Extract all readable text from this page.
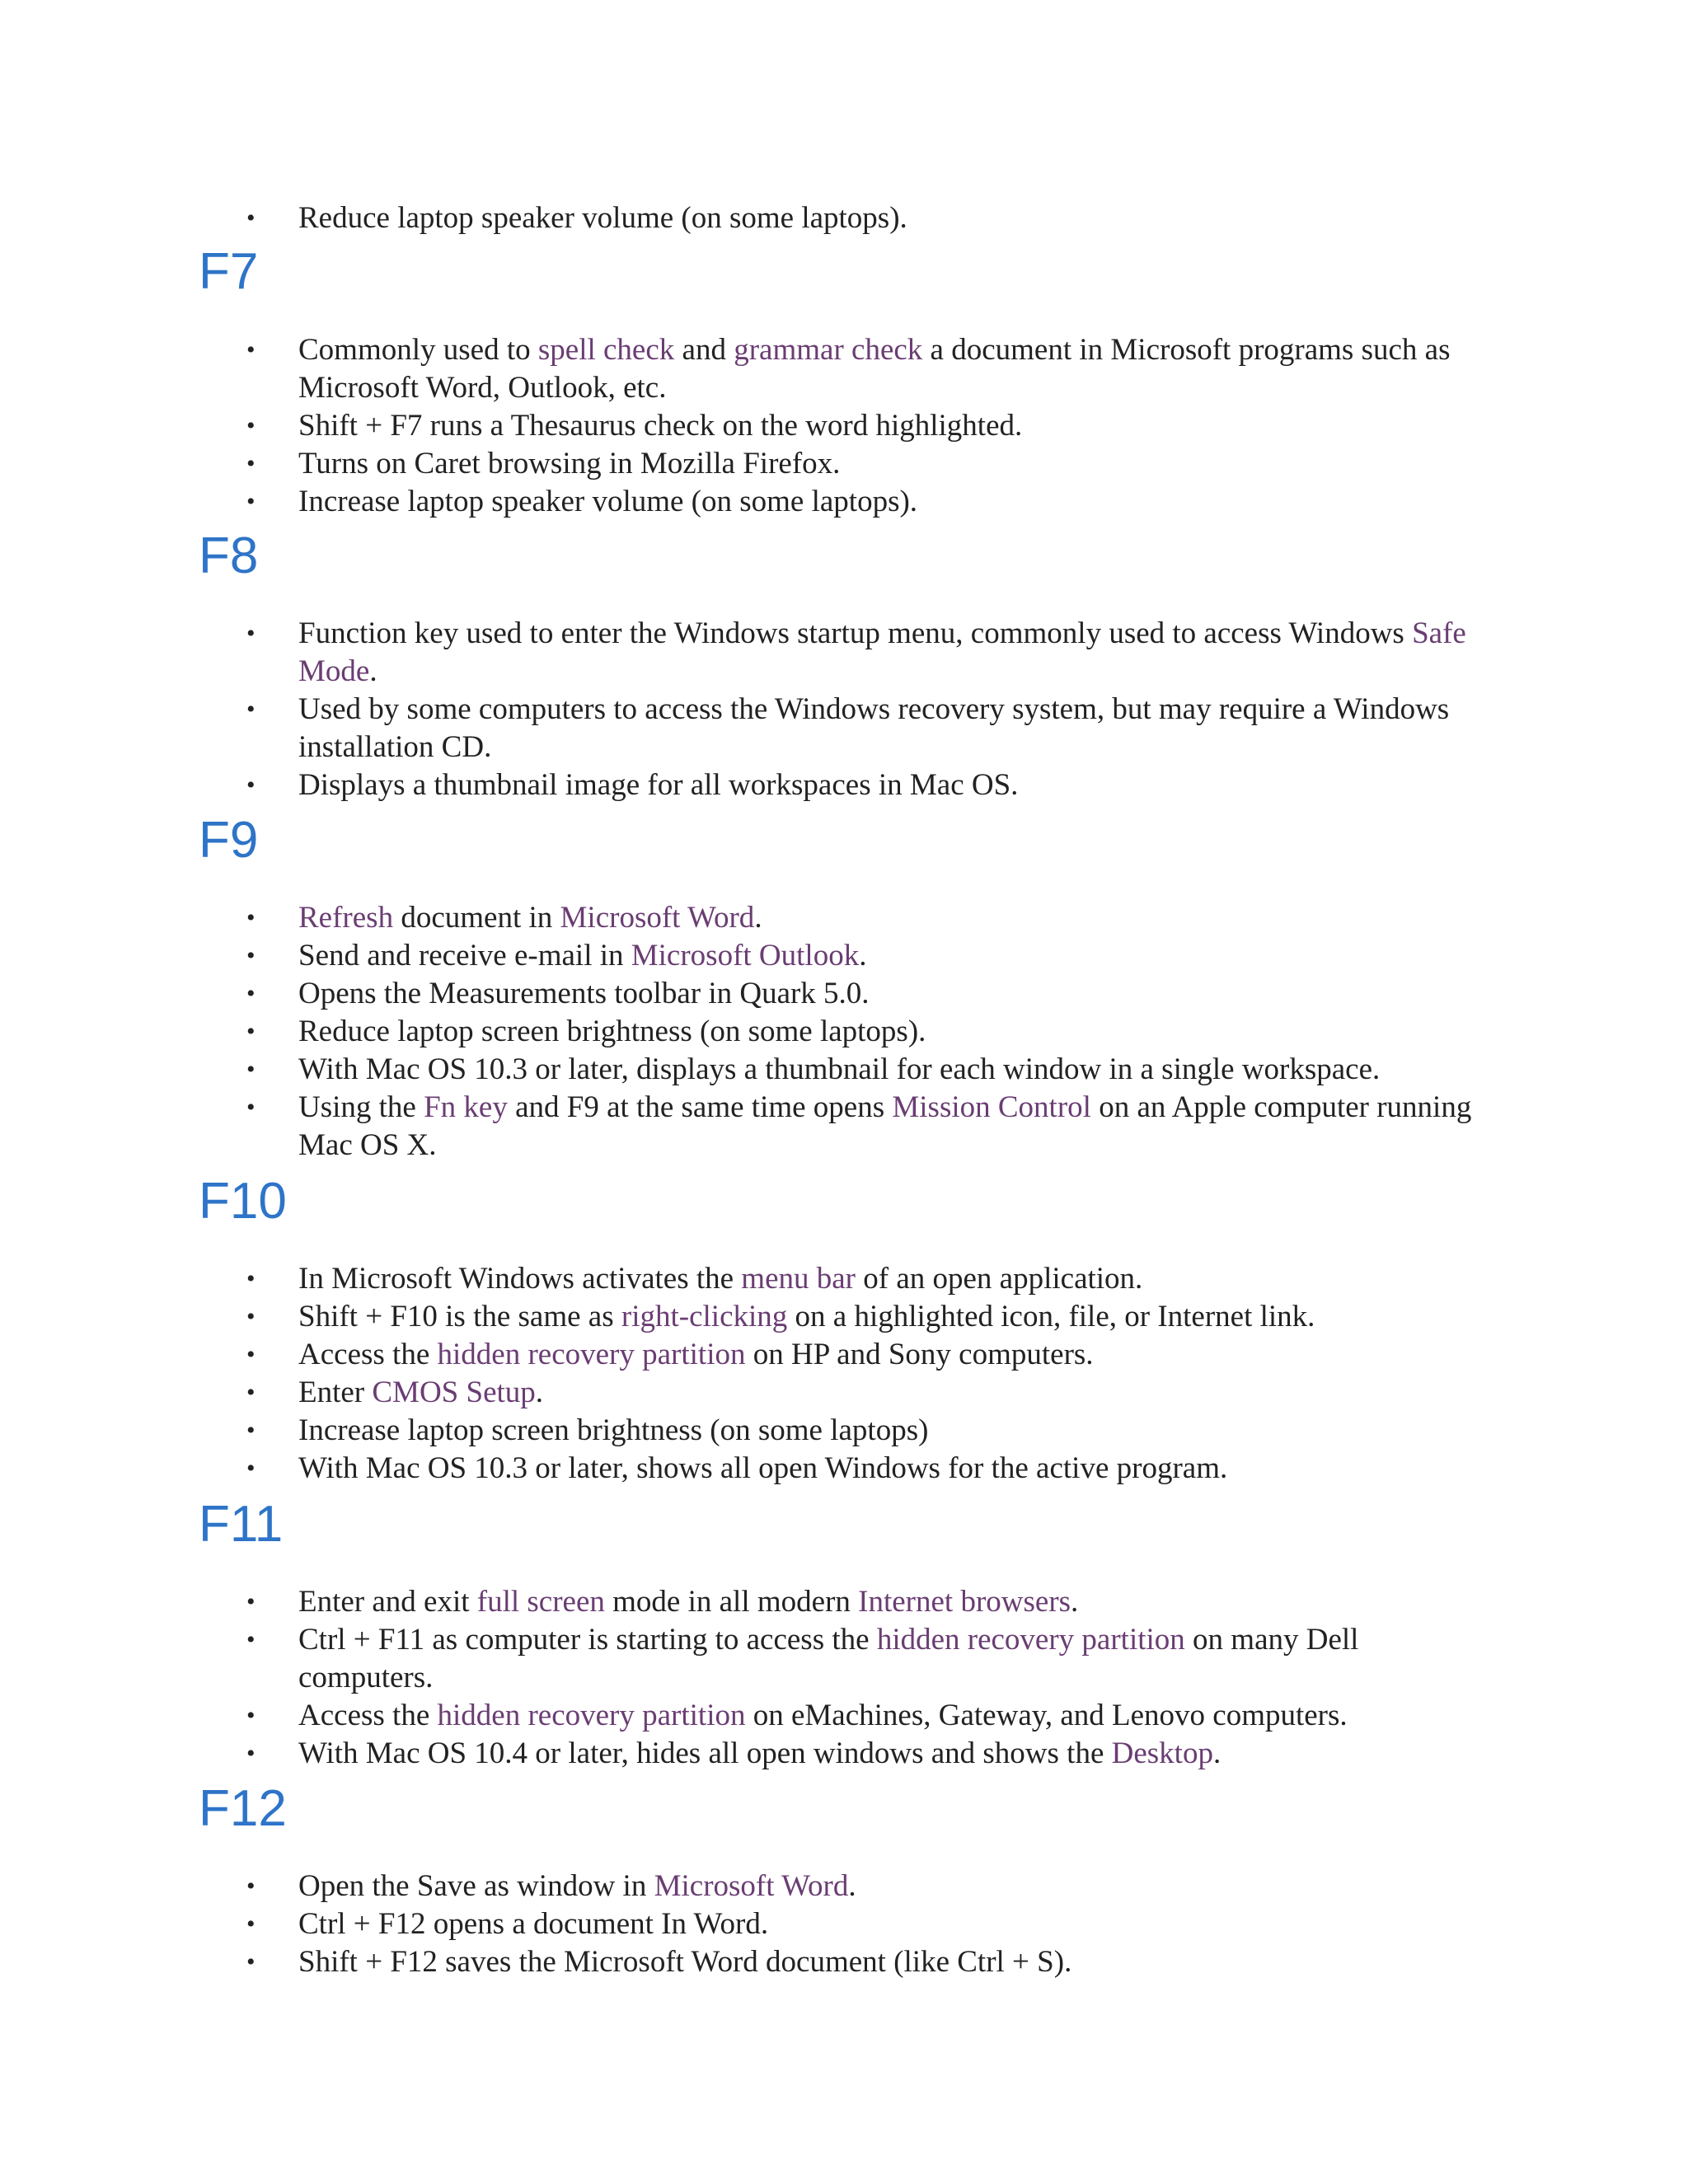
• Reduce laptop speaker volume (on some laptops).
F7
• Commonly used to spell check and grammar check a document in Microsoft programs such as Microsoft Word, Outlook, etc.
• Shift + F7 runs a Thesaurus check on the word highlighted.
• Turns on Caret browsing in Mozilla Firefox.
• Increase laptop speaker volume (on some laptops).
F8
• Function key used to enter the Windows startup menu, commonly used to access Windows Safe Mode.
• Used by some computers to access the Windows recovery system, but may require a Windows installation CD.
• Displays a thumbnail image for all workspaces in Mac OS.
F9
• Refresh document in Microsoft Word.
• Send and receive e-mail in Microsoft Outlook.
• Opens the Measurements toolbar in Quark 5.0.
• Reduce laptop screen brightness (on some laptops).
• With Mac OS 10.3 or later, displays a thumbnail for each window in a single workspace.
• Using the Fn key and F9 at the same time opens Mission Control on an Apple computer running Mac OS X.
F10
• In Microsoft Windows activates the menu bar of an open application.
• Shift + F10 is the same as right-clicking on a highlighted icon, file, or Internet link.
• Access the hidden recovery partition on HP and Sony computers.
• Enter CMOS Setup.
• Increase laptop screen brightness (on some laptops)
• With Mac OS 10.3 or later, shows all open Windows for the active program.
F11
• Enter and exit full screen mode in all modern Internet browsers.
• Ctrl + F11 as computer is starting to access the hidden recovery partition on many Dell computers.
• Access the hidden recovery partition on eMachines, Gateway, and Lenovo computers.
• With Mac OS 10.4 or later, hides all open windows and shows the Desktop.
F12
• Open the Save as window in Microsoft Word.
• Ctrl + F12 opens a document In Word.
• Shift + F12 saves the Microsoft Word document (like Ctrl + S).
